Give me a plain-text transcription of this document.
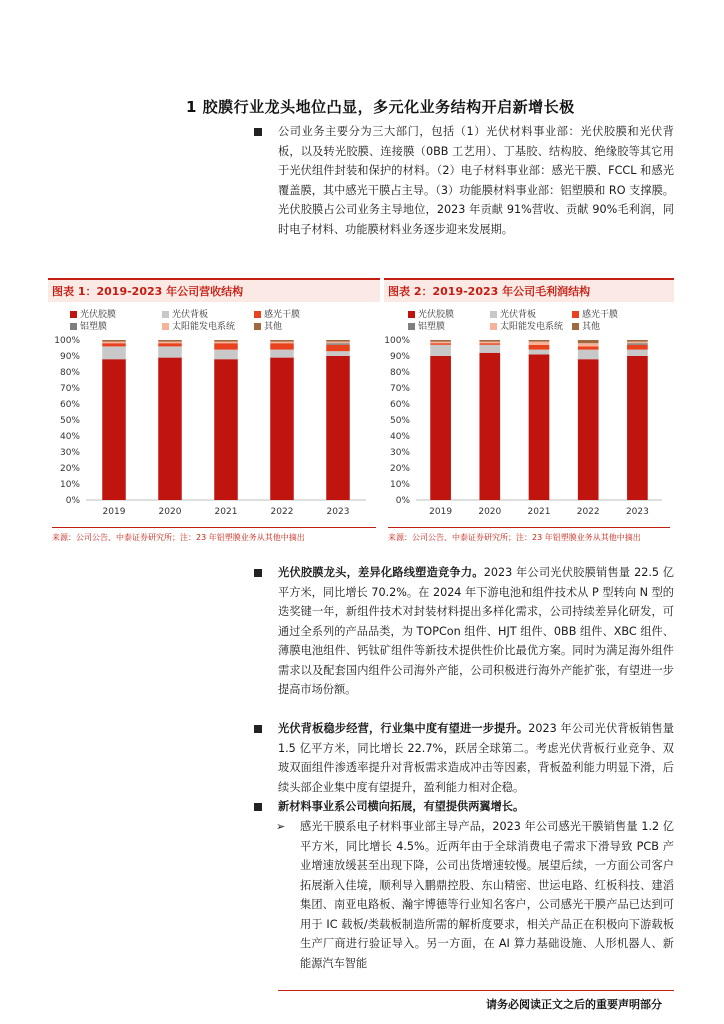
1 胶膜行业龙头地位凸显，多元化业务结构开启新增长极
公司业务主要分为三大部门，包括（1）光伏材料事业部：光伏胶膜和光伏背板，以及转光胶膜、连接膜（0BB 工艺用）、丁基胶、结构胶、绝缘胶等其它用于光伏组件封装和保护的材料。（2）电子材料事业部：感光干膜、FCCL 和感光覆盖膜，其中感光干膜占主导。（3）功能膜材料事业部：铝塑膜和 RO 支撑膜。光伏胶膜占公司业务主导地位，2023 年贡献 91%营收、贡献 90%毛利润，同时电子材料、功能膜材料业务逐步迎来发展期。
图表 1：2019-2023 年公司营收结构
光伏胶膜	光伏背板	感光干膜
铝塑膜	太阳能发电系统	其他
0%
10%
20%
30%
40%
50%
60%
70%
80%
90%
100%
2019	2020	2021	2022	2023
来源：公司公告、中泰证券研究所；注：23 年铝塑膜业务从其他中摘出
图表 2：2019-2023 年公司毛利润结构
光伏胶膜	光伏背板	感光干膜
铝塑膜	太阳能发电系统 其他
0%
10%
20%
30%
40%
50%
60%
70%
80%
90%
100%
2019	2020	2021	2022	2023
来源：公司公告、中泰证券研究所；注：23 年铝塑膜业务从其他中摘出
光伏胶膜龙头，差异化路线塑造竞争力。2023 年公司光伏胶膜销售量 22.5 亿平方米，同比增长 70.2%。在 2024 年下游电池和组件技术从 P 型转向 N 型的迭奖键一年，新组件技术对封装材料提出多样化需求，公司持续差异化研发，可通过全系列的产品品类，为 TOPCon 组件、HJT 组件、0BB 组件、XBC 组件、薄膜电池组件、钙钛矿组件等新技术提供性价比最优方案。同时为满足海外组件需求以及配套国内组件公司海外产能，公司积极进行海外产能扩张，有望进一步提高市场份额。
光伏背板稳步经营，行业集中度有望进一步提升。2023 年公司光伏背板销售量 1.5 亿平方米，同比增长 22.7%，跃居全球第二。考虑光伏背板行业竞争、双玻双面组件渗透率提升对背板需求造成冲击等因素，背板盈利能力明显下滑，后续头部企业集中度有望提升，盈利能力相对企稳。
新材料事业系公司横向拓展，有望提供两翼增长。
➢ 感光干膜系电子材料事业部主导产品，2023 年公司感光干膜销售量 1.2 亿平方米，同比增长 4.5%。近两年由于全球消费电子需求下滑导致 PCB 产业增速放缓甚至出现下降，公司出货增速较慢。展望后续，一方面公司客户拓展渐入佳境，顺利导入鹏鼎控股、东山精密、世运电路、红板科技、建滔集团、南亚电路板、瀚宇博德等行业知名客户，公司感光干膜产品已达到可用于 IC 载板/类载板制造所需的解析度要求，相关产品正在积极向下游载板生产厂商进行验证导入。另一方面，在 AI 算力基础设施、人形机器人、新能源汽车智能
请务必阅读正文之后的重要声明部分
